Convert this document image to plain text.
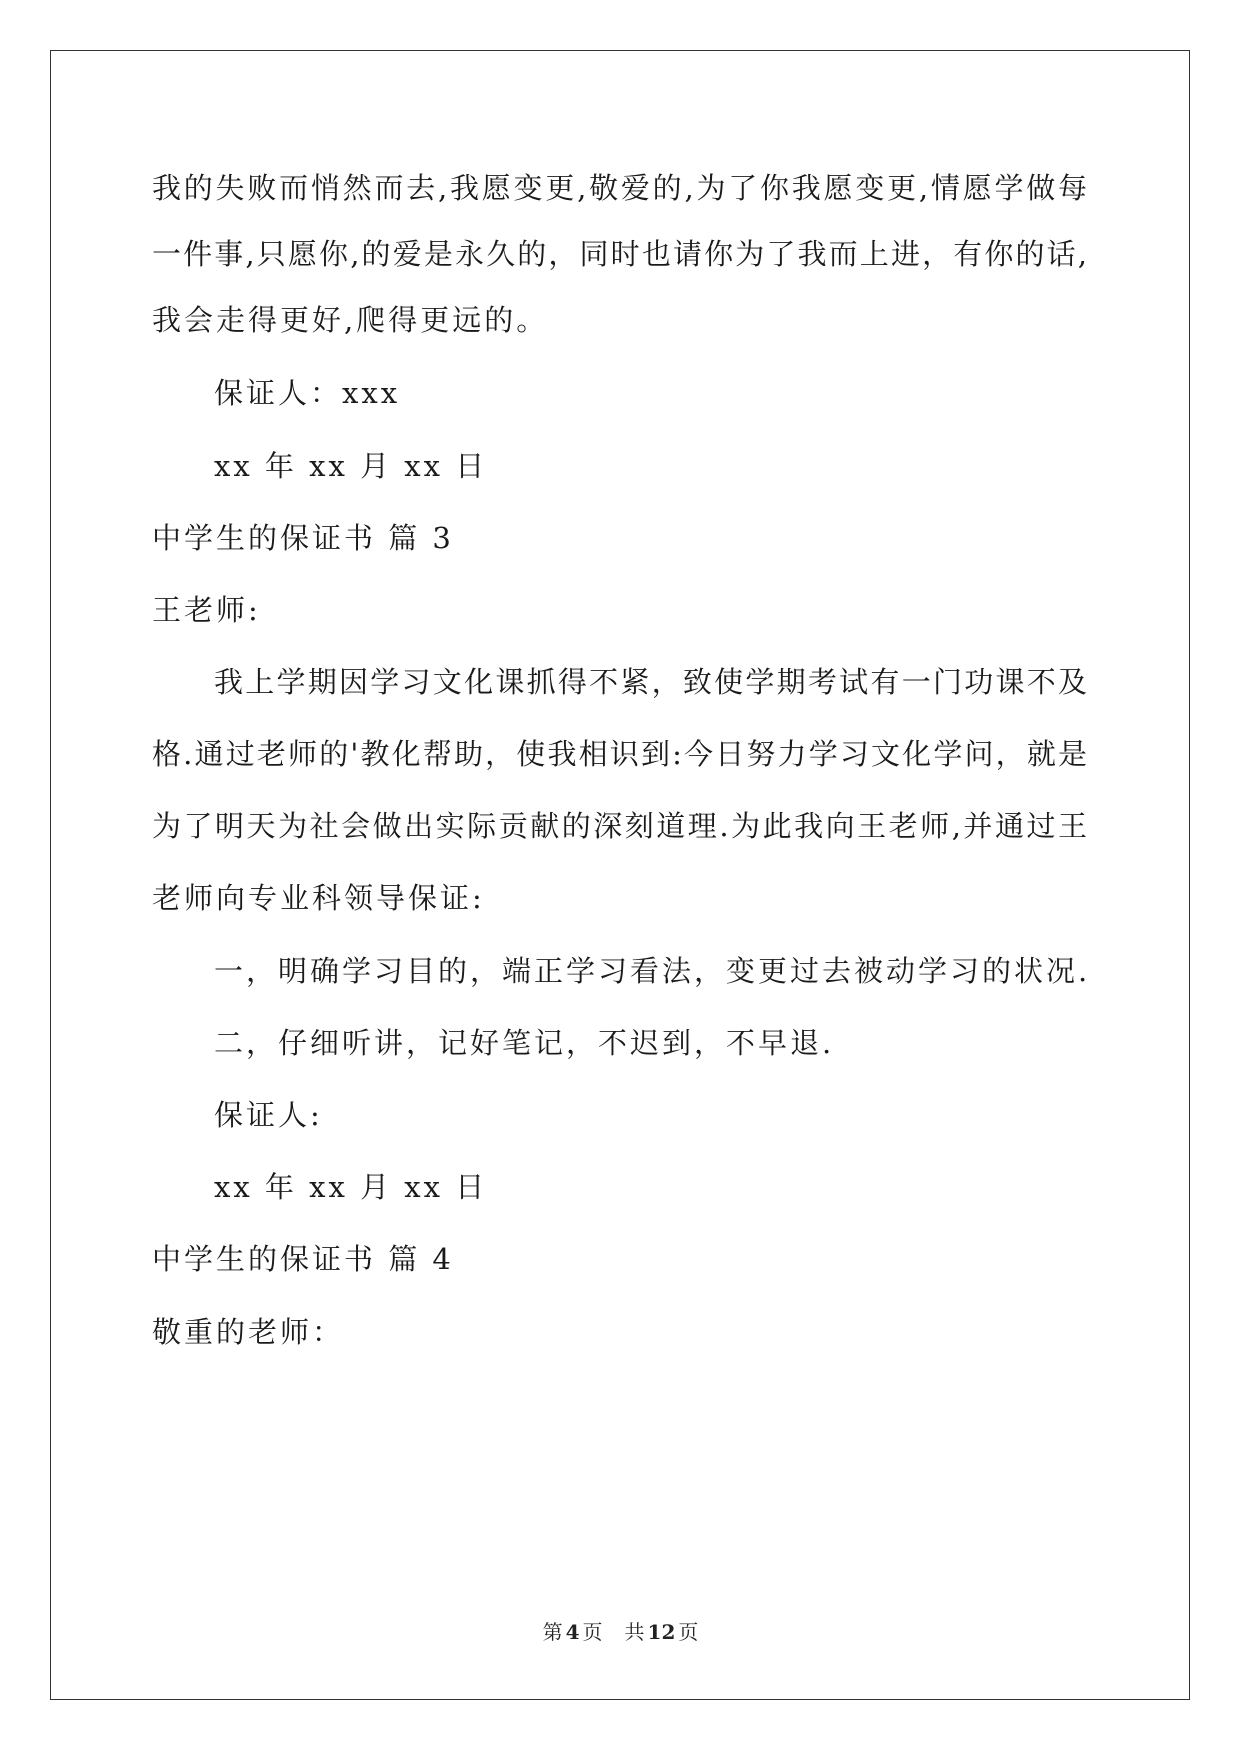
我的失败而悄然而去,我愿变更,敬爱的,为了你我愿变更,情愿学做每
一件事,只愿你,的爱是永久的，同时也请你为了我而上进，有你的话,
我会走得更好,爬得更远的。
保证人：xxx
xx 年 xx 月 xx 日
中学生的保证书 篇 3
王老师:
我上学期因学习文化课抓得不紧，致使学期考试有一门功课不及
格.通过老师的'教化帮助，使我相识到:今日努力学习文化学问，就是
为了明天为社会做出实际贡献的深刻道理.为此我向王老师,并通过王
老师向专业科领导保证:
一，明确学习目的，端正学习看法，变更过去被动学习的状况.
二，仔细听讲，记好笔记，不迟到，不早退.
保证人:
xx 年 xx 月 xx 日
中学生的保证书 篇 4
敬重的老师：
第 4 页 共 12 页
